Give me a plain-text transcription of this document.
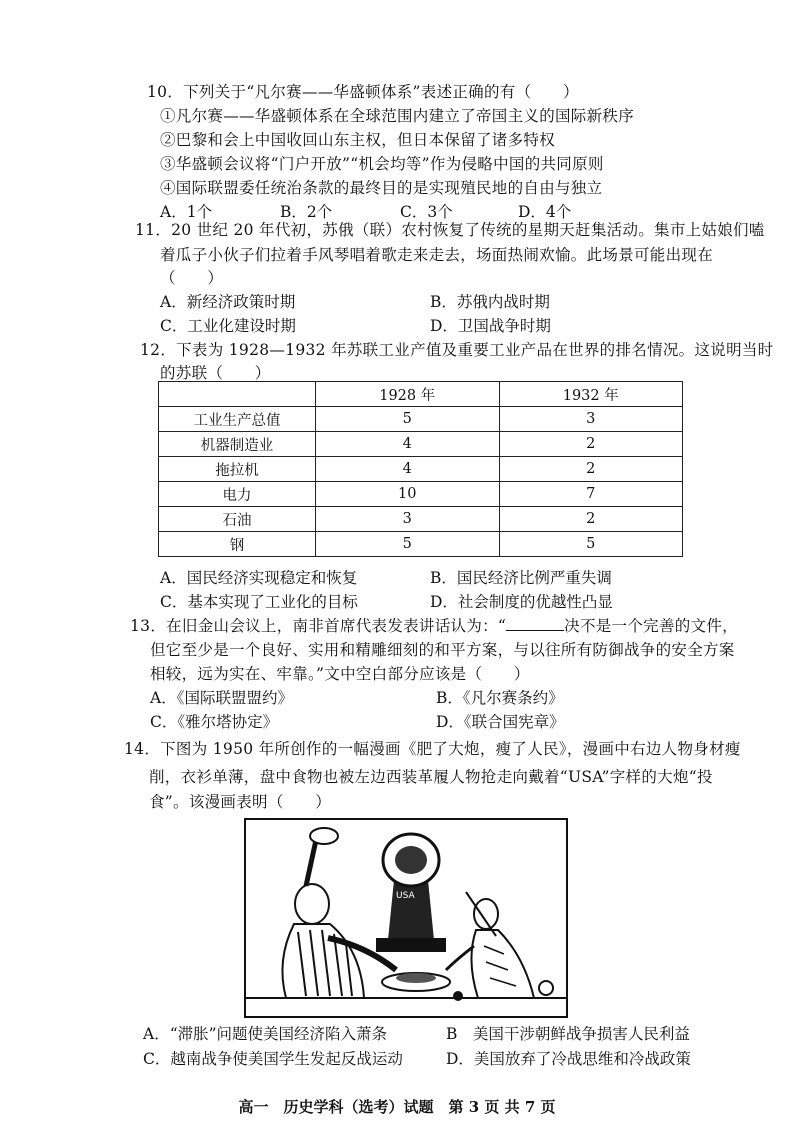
10．下列关于“凡尔赛——华盛顿体系”表述正确的有（　　）
①凡尔赛——华盛顿体系在全球范围内建立了帝国主义的国际新秩序
②巴黎和会上中国收回山东主权，但日本保留了诸多特权
③华盛顿会议将“门户开放”“机会均等”作为侵略中国的共同原则
④国际联盟委任统治条款的最终目的是实现殖民地的自由与独立
A．1个	B．2个	C．3个	D．4个
11．20 世纪 20 年代初，苏俄（联）农村恢复了传统的星期天赶集活动。集市上姑娘们嗑
着瓜子小伙子们拉着手风琴唱着歌走来走去，场面热闹欢愉。此场景可能出现在
（　　）
A．新经济政策时期	B．苏俄内战时期
C．工业化建设时期	D．卫国战争时期
12．下表为 1928—1932 年苏联工业产值及重要工业产品在世界的排名情况。这说明当时
的苏联（　　）
	1928 年	1932 年
工业生产总值	5	3
机器制造业	4	2
拖拉机	4	2
电力	10	7
石油	3	2
钢	5	5
A．国民经济实现稳定和恢复	B．国民经济比例严重失调
C．基本实现了工业化的目标	D．社会制度的优越性凸显
13．在旧金山会议上，南非首席代表发表讲话认为：“	决不是一个完善的文件，
但它至少是一个良好、实用和精雕细刻的和平方案，与以往所有防御战争的安全方案
相较，远为实在、牢靠。”文中空白部分应该是（　　）
A．《国际联盟盟约》	B．《凡尔赛条约》
C．《雅尔塔协定》	D．《联合国宪章》
14．下图为 1950 年所创作的一幅漫画《肥了大炮，瘦了人民》，漫画中右边人物身材瘦
削，衣衫单薄，盘中食物也被左边西装革履人物抢走向戴着“USA”字样的大炮“投
食”。该漫画表明（　　）
USA
A．“滞胀”问题使美国经济陷入萧条	B　美国干涉朝鲜战争损害人民利益
C．越南战争使美国学生发起反战运动	D．美国放弃了冷战思维和冷战政策
高一　历史学科（选考）试题　第 3 页 共 7 页
